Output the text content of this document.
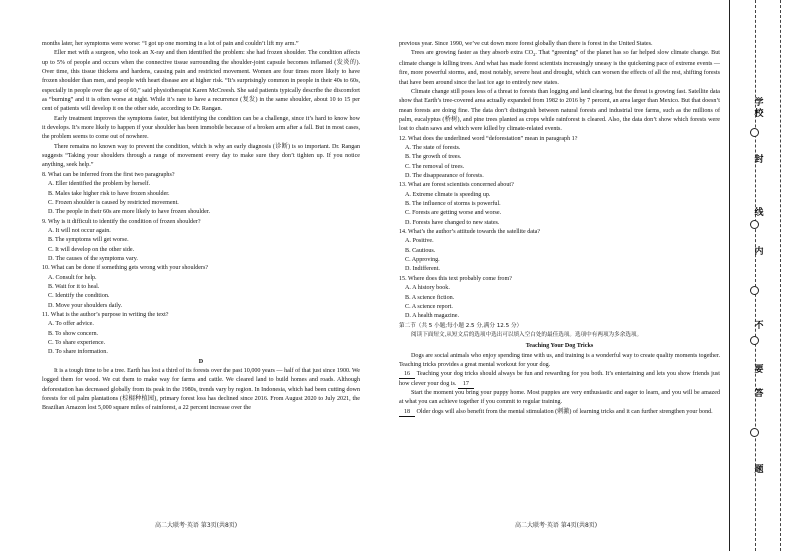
months later, her symptoms were worse: “I got up one morning in a lot of pain and couldn’t lift my arm.”

Eller met with a surgeon, who took an X-ray and then identified the problem: she had frozen shoulder. The condition affects up to 5% of people and occurs when the connective tissue surrounding the shoulder-joint capsule becomes inflamed (发炎的). Over time, this tissue thickens and hardens, causing pain and restricted movement. Women are four times more likely to have frozen shoulder than men, and people with heart disease are at higher risk. “It’s surprisingly common in people in their 40s to 60s, especially in people over the age of 60,” said physiotherapist Karen McCreesh. She said patients typically describe the discomfort as “burning” and it is often worse at night. While it’s rare to have a recurrence (复发) in the same shoulder, about 10 to 15 per cent of patients will develop it on the other side, according to Dr. Rangan.

Early treatment improves the symptoms faster, but identifying the condition can be a challenge, since it’s hard to know how it develops. It’s more likely to happen if your shoulder has been immobile because of a broken arm after a fall. But in most cases, the problem seems to come out of nowhere.

There remains no known way to prevent the condition, which is why an early diagnosis (诊断) is so important. Dr. Rangan suggests “Taking your shoulders through a range of movement every day to make sure they don’t tighten up. If you notice anything, seek help.”

8. What can be inferred from the first two paragraphs?

A. Eller identified the problem by herself.

B. Males take higher risk to have frozen shoulder.

C. Frozen shoulder is caused by restricted movement.

D. The people in their 60s are more likely to have frozen shoulder.

9. Why is it difficult to identify the condition of frozen shoulder?

A. It will not occur again.

B. The symptoms will get worse.

C. It will develop on the other side.

D. The causes of the symptoms vary.

10. What can be done if something gets wrong with your shoulders?

A. Consult for help.

B. Wait for it to heal.

C. Identify the condition.

D. Move your shoulders daily.

11. What is the author’s purpose in writing the text?

A. To offer advice.

B. To show concern.

C. To share experience.

D. To share information.

D

It is a tough time to be a tree. Earth has lost a third of its forests over the past 10,000 years — half of that just since 1900. We logged them for wood. We cut them to make way for farms and cattle. We cleared land to build homes and roads. Although deforestation has decreased globally from its peak in the 1980s, trends vary by region. In Indonesia, which had been cutting down forests for oil palm plantations (棕榈种植园), primary forest loss has declined since 2016. From August 2020 to July 2021, the Brazilian Amazon lost 5,000 square miles of rainforest, a 22 percent increase over the

previous year. Since 1990, we’ve cut down more forest globally than there is forest in the United States.

Trees are growing faster as they absorb extra $CO_2$. That “greening” of the planet has so far helped slow climate change. But climate change is killing trees. And what has made forest scientists increasingly uneasy is the quickening pace of extreme events — fire, more powerful storms, and, most notably, severe heat and drought, which can worsen the effects of all the rest, shifting forests that have been around since the last ice age to entirely new states.

Climate change still poses less of a threat to forests than logging and land clearing, but the threat is growing fast. Satellite data show that Earth’s tree-covered area actually expanded from 1982 to 2016 by 7 percent, an area larger than Mexico. But that doesn’t mean forests are doing fine. The data don’t distinguish between natural forests and industrial tree farms, such as the millions of palm, eucalyptus (桥树), and pine trees planted as crops while rainforest is cleared. Also, the data don’t show which forests were lost to chain saws and which were killed by climate-related events.

12. What does the underlined word “deforestation” mean in paragraph 1?

A. The state of forests.

B. The growth of trees.

C. The removal of trees.

D. The disappearance of forests.

13. What are forest scientists concerned about?

A. Extreme climate is speeding up.

B. The influence of storms is powerful.

C. Forests are getting worse and worse.

D. Forests have changed to new states.

14. What’s the author’s attitude towards the satellite data?

A. Positive.

B. Cautious.

C. Approving.

D. Indifferent.

15. Where does this text probably come from?

A. A history book.

B. A science fiction.

C. A science report.

D. A health magazine.

第二节（共 5 小题;每小题 2.5 分,满分 12.5 分）

阅读下面短文,从短文后的选项中选出可以填入空白处的最佳选项。选项中有两项为多余选项。

Teaching Your Dog Tricks

Dogs are social animals who enjoy spending time with us, and training is a wonderful way to create quality moments together. Teaching tricks provides a great mental workout for your dog.

16 Teaching your dog tricks should always be fun and rewarding for you both. It’s entertaining and lets you show friends just how clever your dog is. 17

Start the moment you bring your puppy home. Most puppies are very enthusiastic and eager to learn, and you will be amazed at what you can achieve together if you commit to regular training.

18 Older dogs will also benefit from the mental stimulation (刺激) of learning tricks and it can further strengthen your bond.

高二大联考·英语 第3页(共8页)	高二大联考·英语 第4页(共8页)
学校
封
线
内
不
要
答
题
